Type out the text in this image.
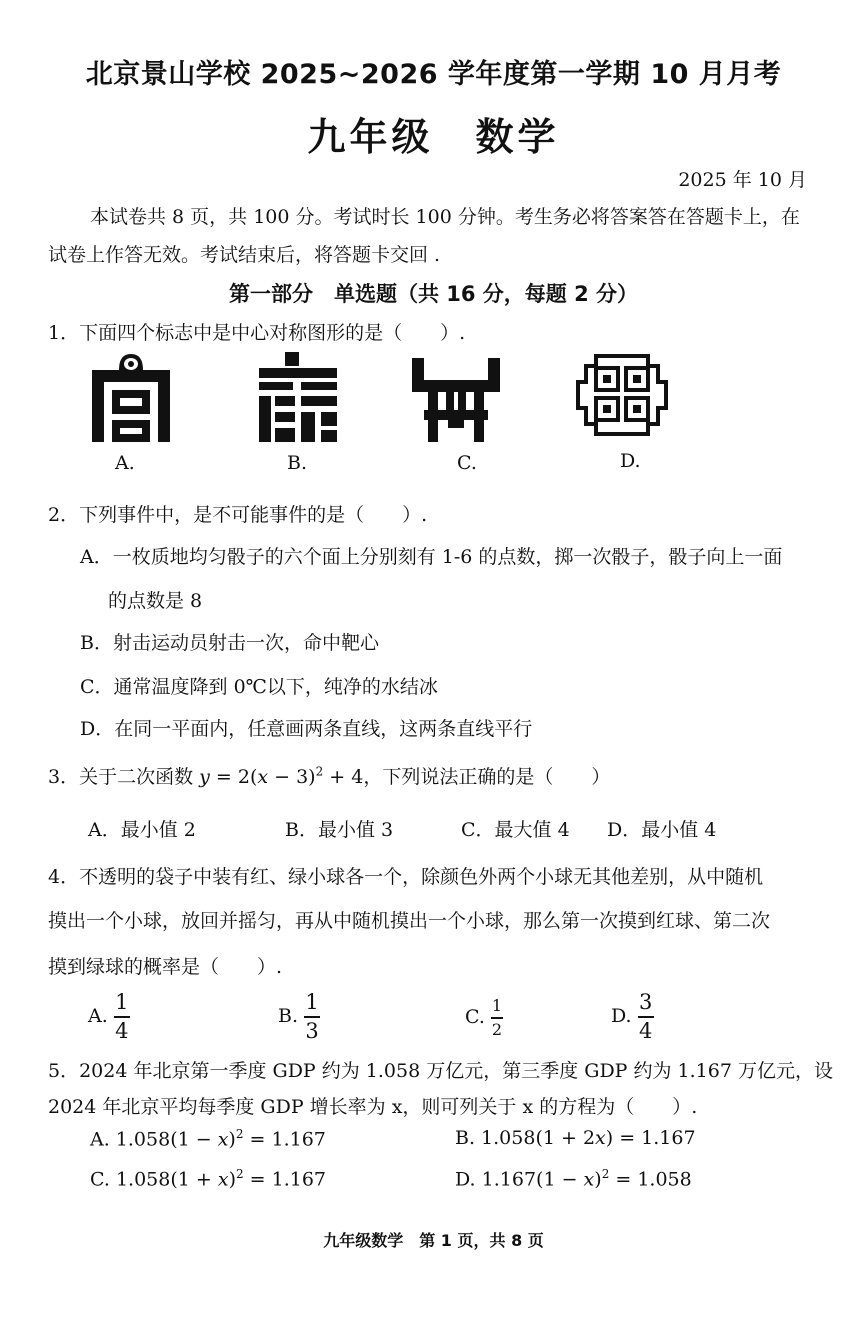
北京景山学校 2025~2026 学年度第一学期 10 月月考
九年级　数学
2025 年 10 月
本试卷共 8 页，共 100 分。考试时长 100 分钟。考生务必将答案答在答题卡上，在
试卷上作答无效。考试结束后，将答题卡交回 .
第一部分　单选题（共 16 分，每题 2 分）
1．下面四个标志中是中心对称图形的是（　　）.
A.	B.	C.	D.
2．下列事件中，是不可能事件的是（　　）.
A．一枚质地均匀骰子的六个面上分别刻有 1-6 的点数，掷一次骰子，骰子向上一面
的点数是 8
B．射击运动员射击一次，命中靶心
C．通常温度降到 0℃以下，纯净的水结冰
D．在同一平面内，任意画两条直线，这两条直线平行
3．关于二次函数 $y = 2(x - 3)^2 + 4$，下列说法正确的是（　　）
A．最小值 2	B．最小值 3	C．最大值 4 D．最小值 4
4．不透明的袋子中装有红、绿小球各一个，除颜色外两个小球无其他差别，从中随机
摸出一个小球，放回并摇匀，再从中随机摸出一个小球，那么第一次摸到红球、第二次
摸到绿球的概率是（　　）.
A. $\frac{1}{4}$	B. $\frac{1}{3}$	C. $\frac{1}{2}$	D. $\frac{3}{4}$
5．2024 年北京第一季度 GDP 约为 1.058 万亿元，第三季度 GDP 约为 1.167 万亿元，设
2024 年北京平均每季度 GDP 增长率为 x，则可列关于 x 的方程为（　　）.
A. $1.058(1 - x)^2 = 1.167$	B. 1.058(1 + 2x) = 1.167
C. $1.058(1 + x)^2 = 1.167$	D. $1.167(1 - x)^2 = 1.058$
九年级数学　第 1 页，共 8 页
